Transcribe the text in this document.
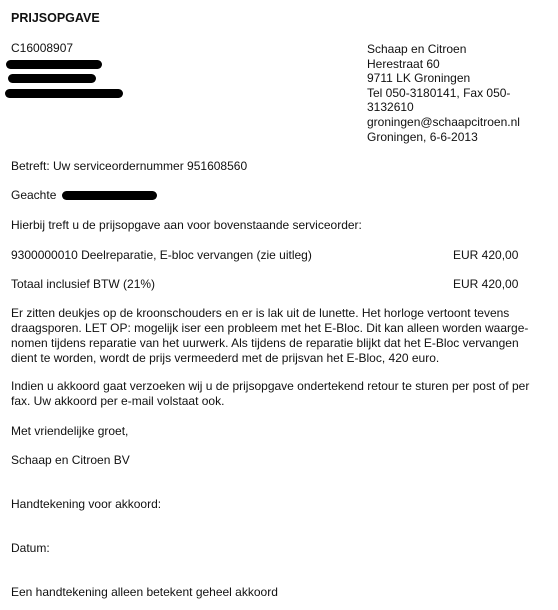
PRIJSOPGAVE
C16008907	Schaap en Citroen
Herestraat 60
9711 LK Groningen
Tel 050-3180141, Fax 050-
3132610
groningen@schaapcitroen.nl
Groningen, 6-6-2013
Betreft: Uw serviceordernummer 951608560
Geachte
Hierbij treft u de prijsopgave aan voor bovenstaande serviceorder:
9300000010 Deelreparatie, E-bloc vervangen (zie uitleg)	EUR 420,00
Totaal inclusief BTW (21%)	EUR 420,00
Er zitten deukjes op de kroonschouders en er is lak uit de lunette. Het horloge vertoont tevens
draagsporen. LET OP: mogelijk iser een probleem met het E-Bloc. Dit kan alleen worden waarge-
nomen tijdens reparatie van het uurwerk. Als tijdens de reparatie blijkt dat het E-Bloc vervangen
dient te worden, wordt de prijs vermeederd met de prijsvan het E-Bloc, 420 euro.
Indien u akkoord gaat verzoeken wij u de prijsopgave ondertekend retour te sturen per post of per
fax. Uw akkoord per e-mail volstaat ook.
Met vriendelijke groet,
Schaap en Citroen BV
Handtekening voor akkoord:
Datum:
Een handtekening alleen betekent geheel akkoord
